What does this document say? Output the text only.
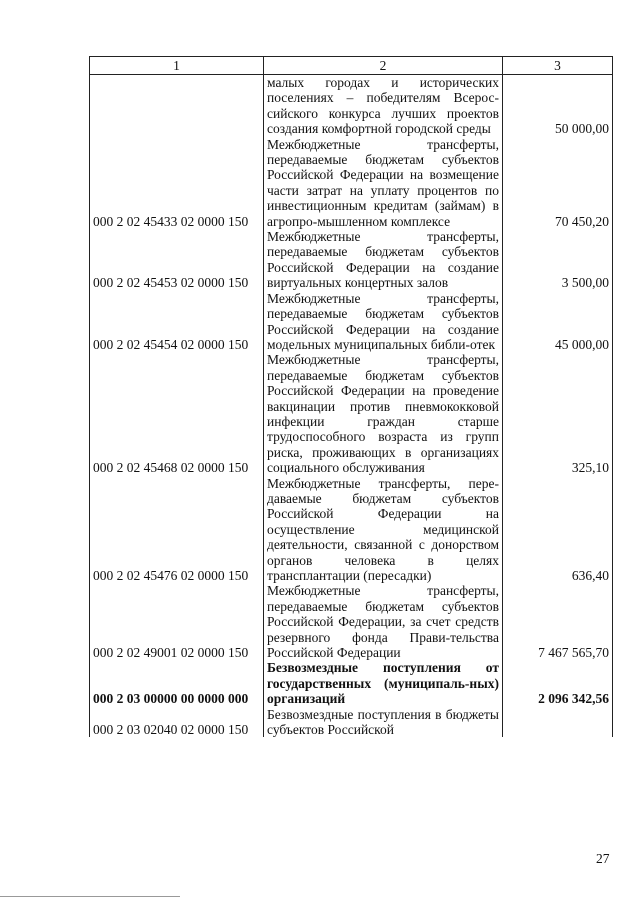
1	2	3
	малых городах и исторических поселениях – победителям Всерос-сийского конкурса лучших проектов создания комфортной городской среды	50 000,00
000 2 02 45433 02 0000 150	Межбюджетные трансферты, передаваемые бюджетам субъектов Российской Федерации на возмещение части затрат на уплату процентов по инвестиционным кредитам (займам) в агропро-мышленном комплексе	70 450,20
000 2 02 45453 02 0000 150	Межбюджетные трансферты, передаваемые бюджетам субъектов Российской Федерации на создание виртуальных концертных залов	3 500,00
000 2 02 45454 02 0000 150	Межбюджетные трансферты, передаваемые бюджетам субъектов Российской Федерации на создание модельных муниципальных библи-отек	45 000,00
000 2 02 45468 02 0000 150	Межбюджетные трансферты, передаваемые бюджетам субъектов Российской Федерации на проведение вакцинации против пневмококковой инфекции граждан старше трудоспособного возраста из групп риска, проживающих в организациях социального обслуживания	325,10
000 2 02 45476 02 0000 150	Межбюджетные трансферты, пере-даваемые бюджетам субъектов Российской Федерации на осуществление медицинской деятельности, связанной с донорством органов человека в целях трансплантации (пересадки)	636,40
000 2 02 49001 02 0000 150	Межбюджетные трансферты, передаваемые бюджетам субъектов Российской Федерации, за счет средств резервного фонда Прави-тельства Российской Федерации	7 467 565,70
000 2 03 00000 00 0000 000	Безвозмездные поступления от государственных (муниципаль-ных) организаций	2 096 342,56
000 2 03 02040 02 0000 150	Безвозмездные поступления в бюджеты субъектов Российской	
27
